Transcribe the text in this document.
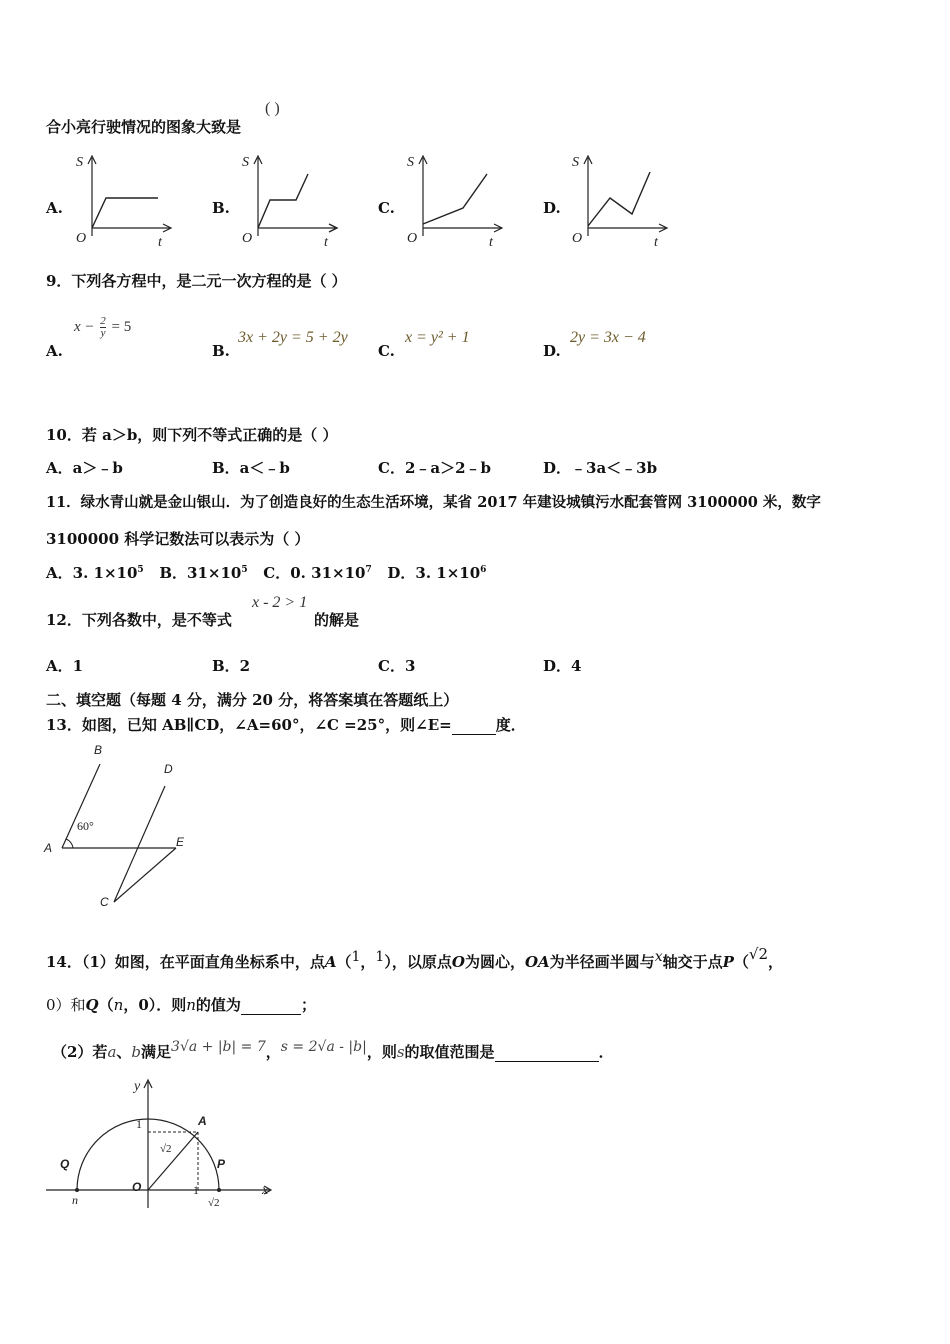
合小亮行驶情况的图象大致是
( )
A.	B.	C.	D.
S
t
O
S
t
O
S
t
O
S
t
O
9．下列各方程中，是二元一次方程的是（ ）
A.
$x - \frac{2}{y} = 5$
B.
3x + 2y = 5 + 2y
C.
x = y² + 1
D.
2y = 3x − 4
10．若 a＞b，则下列不等式正确的是（ ）
A．a＞﹣b	B．a＜﹣b	C．2﹣a＞2﹣b	D．﹣3a＜﹣3b
11．绿水青山就是金山银山．为了创造良好的生态生活环境，某省 2017 年建设城镇污水配套管网 3100000 米，数字
3100000 科学记数法可以表示为（ ）
A．3. $1\times 10^5$ B．$31\times 10^5$ C．0. $31\times 10^7$ D．3. $1\times 10^6$
12．下列各数中，是不等式
x - 2 > 1
的解是
A．1	B．2	C．3	D．4
二、填空题（每题 4 分，满分 20 分，将答案填在答题纸上）
13．如图，已知 AB∥CD，∠A=60°，∠C =25°，则∠E=	度．
B
D
A	E
C
60°
14．（1）如图，在平面直角坐标系中，点A（$^1$，$^1$），以原点O为圆心，OA为半径画半圆与$^x$轴交于点P（$^{√2}$，
0）和Q（n，0）．则n的值为	；
（2）若a、b满足3√a + |b| = 7，s = 2√a - |b|，则s的取值范围是	．
y
x
1	A
√2
Q	P
O
n
1
√2
